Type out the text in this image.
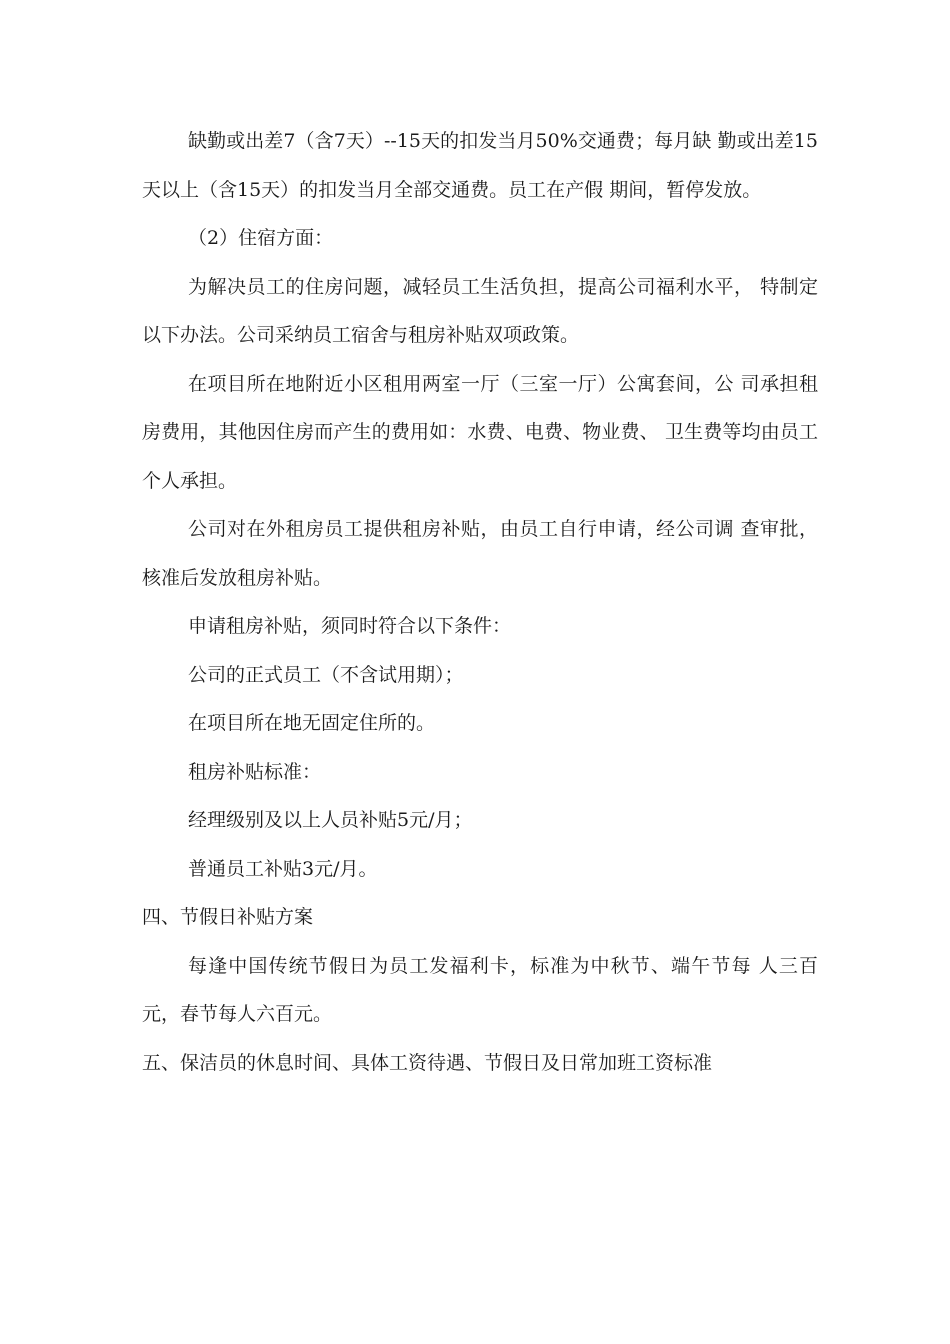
缺勤或出差7（含7天）--15天的扣发当月50%交通费；每月缺 勤或出差15天以上（含15天）的扣发当月全部交通费。员工在产假 期间，暂停发放。

（2）住宿方面：

为解决员工的住房问题，减轻员工生活负担，提高公司福利水平， 特制定以下办法。公司采纳员工宿舍与租房补贴双项政策。

在项目所在地附近小区租用两室一厅（三室一厅）公寓套间，公 司承担租房费用，其他因住房而产生的费用如：水费、电费、物业费、 卫生费等均由员工个人承担。

公司对在外租房员工提供租房补贴，由员工自行申请，经公司调 查审批，核准后发放租房补贴。

申请租房补贴，须同时符合以下条件：

公司的正式员工（不含试用期）；

在项目所在地无固定住所的。

租房补贴标准：

经理级别及以上人员补贴5元/月；

普通员工补贴3元/月。

四、节假日补贴方案

每逢中国传统节假日为员工发福利卡，标准为中秋节、端午节每 人三百元，春节每人六百元。

五、保洁员的休息时间、具体工资待遇、节假日及日常加班工资标准
